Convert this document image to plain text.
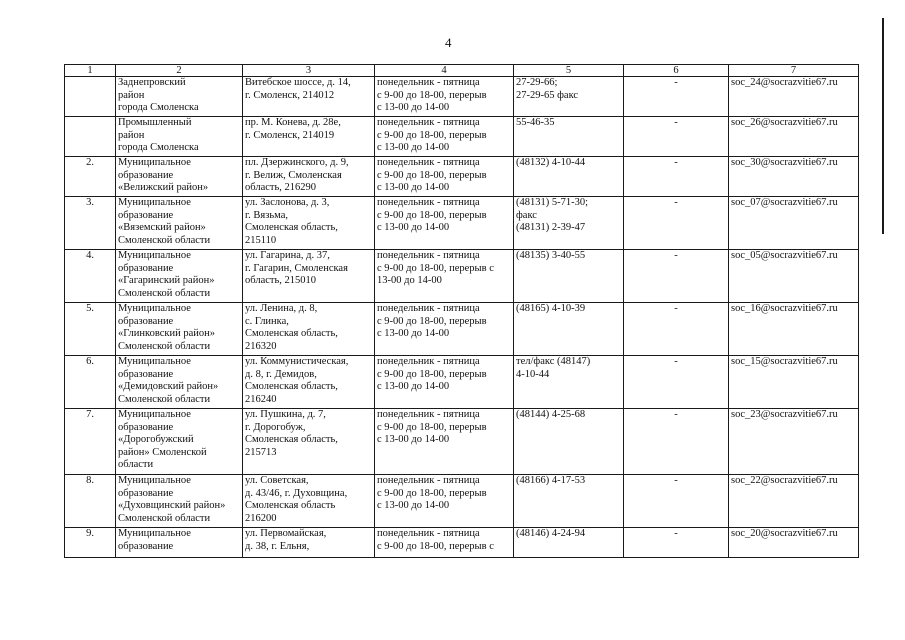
4
1	2	3	4	5	6	7

	Заднепровский
район
города Смоленска	Витебское шоссе, д. 14,
г. Смоленск, 214012	понедельник - пятница
с 9-00 до 18-00, перерыв
с 13-00 до 14-00	27-29-66;
27-29-65 факс	-	soc_24@socrazvitie67.ru

	Промышленный
район
города Смоленска	пр. М. Конева, д. 28е,
г. Смоленск, 214019	понедельник - пятница
с 9-00 до 18-00, перерыв
с 13-00 до 14-00	55-46-35	-	soc_26@socrazvitie67.ru
2.	Муниципальное
образование
«Велижский район»	пл. Дзержинского, д. 9,
г. Велиж, Смоленская
область, 216290	понедельник - пятница
с 9-00 до 18-00, перерыв
с 13-00 до 14-00	(48132) 4-10-44	-	soc_30@socrazvitie67.ru
3.	Муниципальное
образование
«Вяземский район»
Смоленской области	ул. Заслонова, д. 3,
г. Вязьма,
Смоленская область,
215110	понедельник - пятница
с 9-00 до 18-00, перерыв
с 13-00 до 14-00	(48131) 5-71-30;
факс
(48131) 2-39-47	-	soc_07@socrazvitie67.ru
4.	Муниципальное
образование
«Гагаринский район»
Смоленской области	ул. Гагарина, д. 37,
г. Гагарин, Смоленская
область, 215010	понедельник - пятница
с 9-00 до 18-00, перерыв с
13-00 до 14-00	(48135) 3-40-55	-	soc_05@socrazvitie67.ru
5.	Муниципальное
образование
«Глинковский район»
Смоленской области	ул. Ленина, д. 8,
с. Глинка,
Смоленская область,
216320	понедельник - пятница
с 9-00 до 18-00, перерыв
с 13-00 до 14-00	(48165) 4-10-39	-	soc_16@socrazvitie67.ru
6.	Муниципальное
образование
«Демидовский район»
Смоленской области	ул. Коммунистическая,
д. 8, г. Демидов,
Смоленская область,
216240	понедельник - пятница
с 9-00 до 18-00, перерыв
с 13-00 до 14-00	тел/факс (48147)
4-10-44	-	soc_15@socrazvitie67.ru
7.	Муниципальное
образование
«Дорогобужский
район» Смоленской
области	ул. Пушкина, д. 7,
г. Дорогобуж,
Смоленская область,
215713	понедельник - пятница
с 9-00 до 18-00, перерыв
с 13-00 до 14-00	(48144) 4-25-68	-	soc_23@socrazvitie67.ru
8.	Муниципальное
образование
«Духовщинский район»
Смоленской области	ул. Советская,
д. 43/46, г. Духовщина,
Смоленская область
216200	понедельник - пятница
с 9-00 до 18-00, перерыв
с 13-00 до 14-00	(48166) 4-17-53	-	soc_22@socrazvitie67.ru
9.	Муниципальное
образование	ул. Первомайская,
д. 38, г. Ельня,	понедельник - пятница
с 9-00 до 18-00, перерыв с	(48146) 4-24-94	-	soc_20@socrazvitie67.ru
